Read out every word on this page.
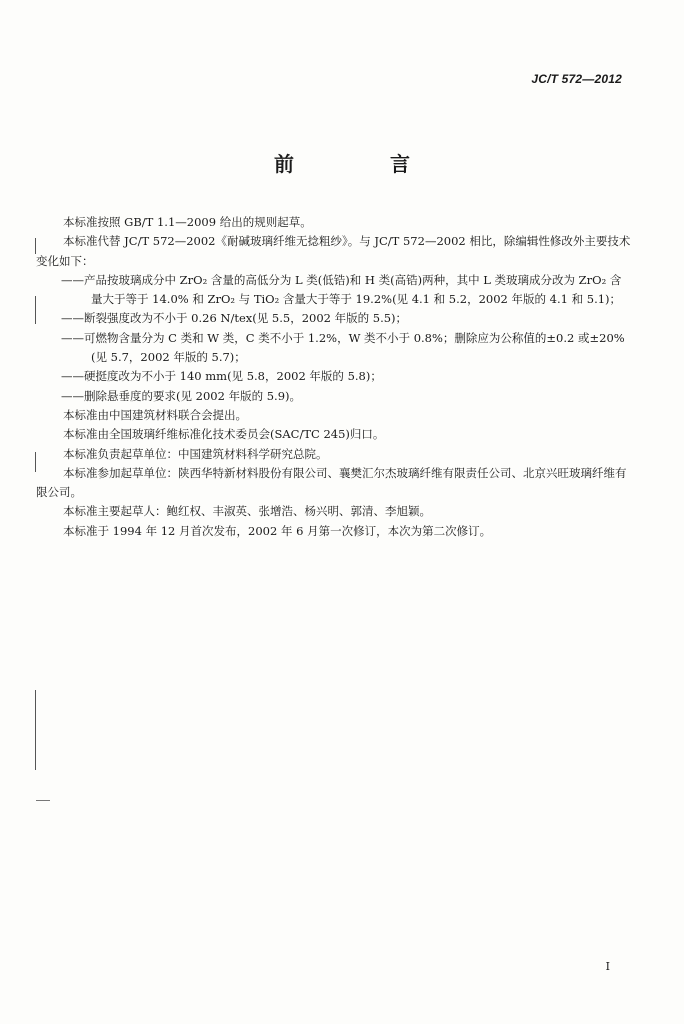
JC/T 572—2012
前　言

本标准按照 GB/T 1.1—2009 给出的规则起草。

本标准代替 JC/T 572—2002《耐碱玻璃纤维无捻粗纱》。与 JC/T 572—2002 相比，除编辑性修改外主要技术变化如下：

——产品按玻璃成分中 ZrO₂ 含量的高低分为 L 类(低锆)和 H 类(高锆)两种，其中 L 类玻璃成分改为 ZrO₂ 含量大于等于 14.0% 和 ZrO₂ 与 TiO₂ 含量大于等于 19.2%(见 4.1 和 5.2，2002 年版的 4.1 和 5.1)；

——断裂强度改为不小于 0.26 N/tex(见 5.5，2002 年版的 5.5)；

——可燃物含量分为 C 类和 W 类，C 类不小于 1.2%，W 类不小于 0.8%；删除应为公称值的±0.2 或±20%(见 5.7，2002 年版的 5.7)；

——硬挺度改为不小于 140 mm(见 5.8，2002 年版的 5.8)；

——删除悬垂度的要求(见 2002 年版的 5.9)。

本标准由中国建筑材料联合会提出。

本标准由全国玻璃纤维标准化技术委员会(SAC/TC 245)归口。

本标准负责起草单位：中国建筑材料科学研究总院。

本标准参加起草单位：陕西华特新材料股份有限公司、襄樊汇尔杰玻璃纤维有限责任公司、北京兴旺玻璃纤维有限公司。

本标准主要起草人：鲍红权、丰淑英、张增浩、杨兴明、郭清、李旭颖。

本标准于 1994 年 12 月首次发布，2002 年 6 月第一次修订，本次为第二次修订。

I
